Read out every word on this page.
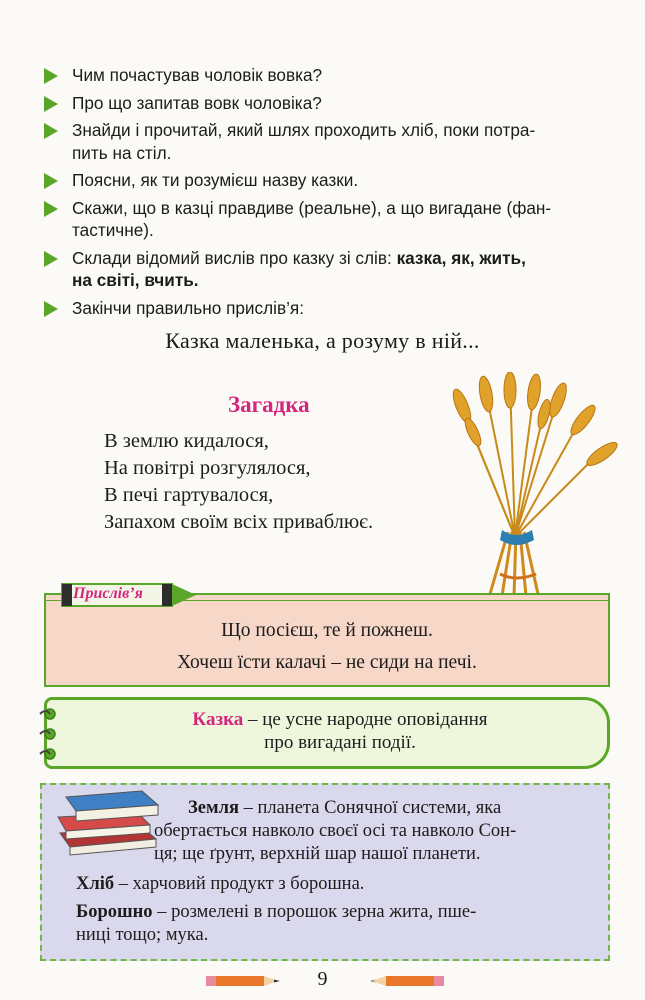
Чим почастував чоловік вовка?
Про що запитав вовк чоловіка?
Знайди і прочитай, який шлях проходить хліб, поки потра-
пить на стіл.
Поясни, як ти розумієш назву казки.
Скажи, що в казці правдиве (реальне), а що вигадане (фан-
тастичне).
Склади відомий вислів про казку зі слів: казка, як, жить,
на світі, вчить.
Закінчи правильно прислів’я:
Казка маленька, а розуму в ній...
Загадка
В землю кидалося,
На повітрі розгулялося,
В печі гартувалося,
Запахом своїм всіх приваблює.
Що посієш, те й пожнеш.
Хочеш їсти калачі – не сиди на печі.
Прислів’я
Казка – це усне народне оповідання
про вигадані події.
Земля – планета Сонячної системи, яка
обертається навколо своєї осі та навколо Сон-
ця; ще ґрунт, верхній шар нашої планети.
Хліб – харчовий продукт з борошна.
Борошно – розмелені в порошок зерна жита, пше-
ниці тощо; мука.
9
